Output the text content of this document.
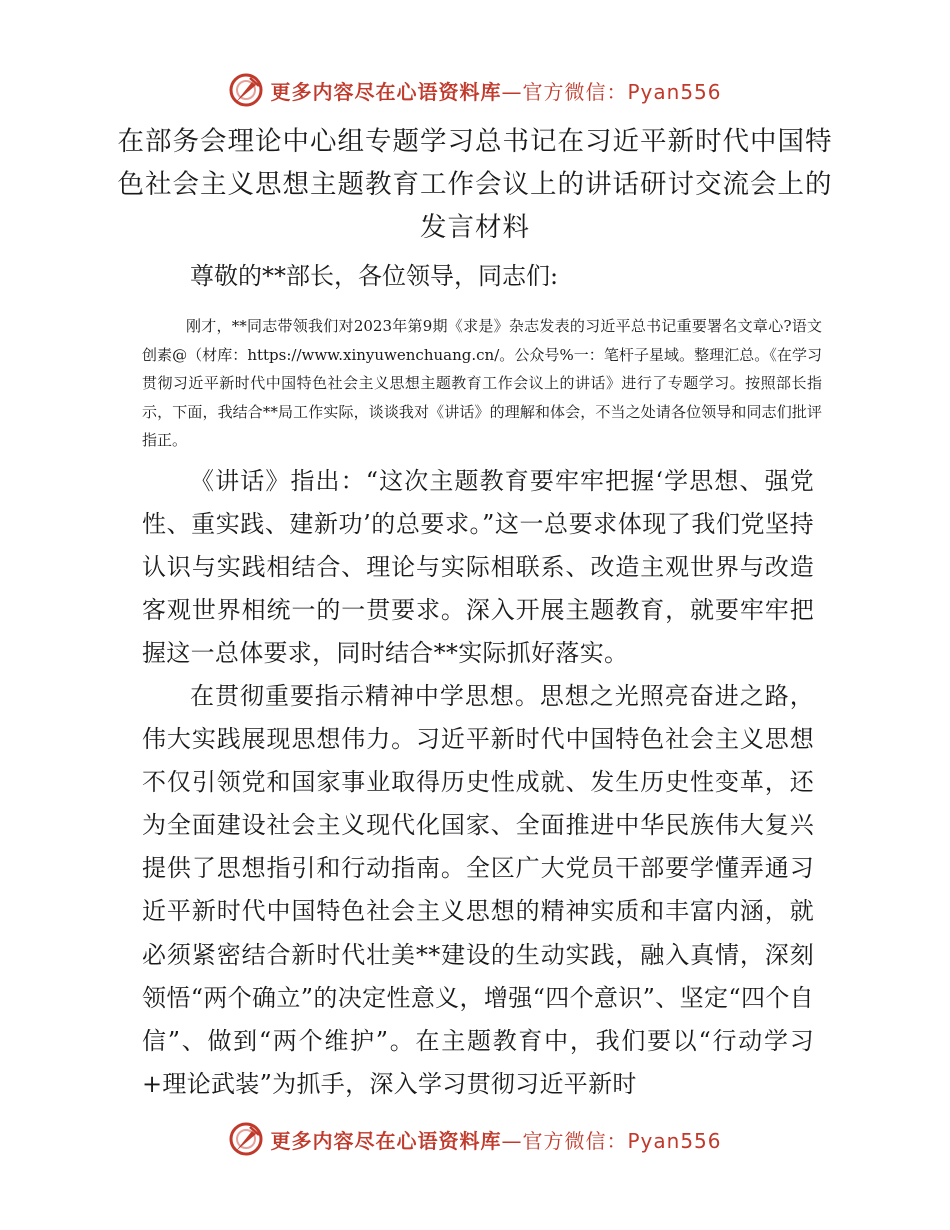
更多内容尽在心语资料库—官方微信：Pyan556
在部务会理论中心组专题学习总书记在习近平新时代中国特色社会主义思想主题教育工作会议上的讲话研讨交流会上的发言材料
尊敬的**部长，各位领导，同志们:
刚才，**同志带领我们对2023年第9期《求是》杂志发表的习近平总书记重要署名文章心?语文创素@（材库：https://www.xinyuwenchuang.cn/。公众号%一：笔杆子星域。整理汇总。《在学习贯彻习近平新时代中国特色社会主义思想主题教育工作会议上的讲话》进行了专题学习。按照部长指示，下面，我结合**局工作实际，谈谈我对《讲话》的理解和体会，不当之处请各位领导和同志们批评指正。
《讲话》指出：“这次主题教育要牢牢把握‘学思想、强党性、重实践、建新功’的总要求。”这一总要求体现了我们党坚持认识与实践相结合、理论与实际相联系、改造主观世界与改造客观世界相统一的一贯要求。深入开展主题教育，就要牢牢把握这一总体要求，同时结合**实际抓好落实。
在贯彻重要指示精神中学思想。思想之光照亮奋进之路，伟大实践展现思想伟力。习近平新时代中国特色社会主义思想不仅引领党和国家事业取得历史性成就、发生历史性变革，还为全面建设社会主义现代化国家、全面推进中华民族伟大复兴提供了思想指引和行动指南。全区广大党员干部要学懂弄通习近平新时代中国特色社会主义思想的精神实质和丰富内涵，就必须紧密结合新时代壮美**建设的生动实践，融入真情，深刻领悟“两个确立”的决定性意义，增强“四个意识”、坚定“四个自信”、做到“两个维护”。在主题教育中，我们要以“行动学习+理论武装”为抓手，深入学习贯彻习近平新时
更多内容尽在心语资料库—官方微信：Pyan556
